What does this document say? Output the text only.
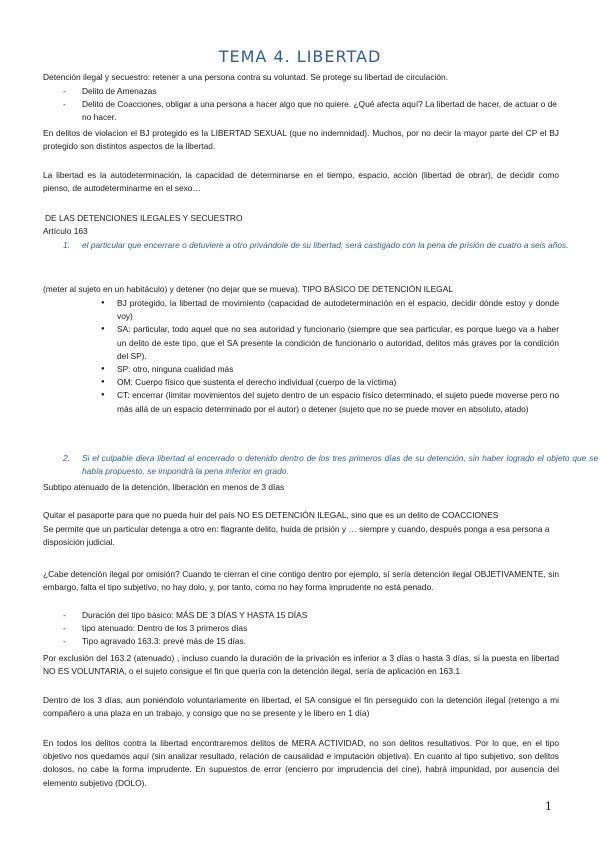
TEMA 4. LIBERTAD

Detención ilegal y secuestro: retener a una persona contra su voluntad. Se protege su libertad de circulación.

- Delito de Amenazas

- Delito de Coacciones, obligar a una persona a hacer algo que no quiere. ¿Qué afecta aquí? La libertad de hacer, de actuar o de no hacer.

En delitos de violacion el BJ protegido es la LIBERTAD SEXUAL (que no indemnidad). Muchos, por no decir la mayor parte del CP el BJ protegido son distintos aspectos de la libertad.

La libertad es la autodeterminación, la capacidad de determinarse en el tiempo, espacio, acción (libertad de obrar), de decidir como pienso, de autodeterminarme en el sexo…

DE LAS DETENCIONES ILEGALES Y SECUESTRO

Artículo 163

1. el particular que encerrare o detuviere a otro privándole de su libertad, será castigado con la pena de prisión de cuatro a seis años.

(meter al sujeto en un habitáculo) y detener (no dejar que se mueva). TIPO BÁSICO DE DETENCIÓN ILEGAL

● BJ protegido, la libertad de movimiento (capacidad de autodeterminación en el espacio, decidir dónde estoy y donde voy)

● SA: particular, todo aquel que no sea autoridad y funcionario (siempre que sea particular, es porque luego va a haber un delito de este tipo, que el SA presente la condición de funcionario o autoridad, delitos más graves por la condición del SP).

● SP: otro, ninguna cualidad más

● OM: Cuerpo físico que sustenta el derecho individual (cuerpo de la víctima)

● CT: encerrar (limitar movimientos del sujeto dentro de un espacio físico determinado, el sujeto puede moverse pero no más allá de un espacio determinado por el autor) o detener (sujeto que no se puede mover en absoluto, atado)

2. Si el culpable diera libertad al encerrado o detenido dentro de los tres primeros días de su detención, sin haber logrado el objeto que se había propuesto, se impondrá la pena inferior en grado.

Subtipo atenuado de la detención, liberación en menos de 3 días

Quitar el pasaporte para que no pueda huir del país NO ES DETENCIÓN ILEGAL, sino que es un delito de COACCIONES

Se permite que un particular detenga a otro en: flagrante delito, huida de prisión y … siempre y cuando, después ponga a esa persona a disposición judicial.

¿Cabe detención ilegal por omisión? Cuando te cierran el cine contigo dentro por ejemplo, sí sería detención ilegal OBJETIVAMENTE, sin embargo, falta el tipo subjetivo, no hay dolo, y, por tanto, como no hay forma imprudente no está penado.

- Duración del tipo básico: MÁS DE 3 DÍAS Y HASTA 15 DÍAS

- tipo atenuado: Dentro de los 3 primeros días

- Tipo agravado 163.3: prevé más de 15 días.

Por exclusión del 163.2 (atenuado) , incluso cuando la duración de la privación es inferior a 3 días o hasta 3 días, si la puesta en libertad NO ES VOLUNTARIA, o el sujeto consigue el fin que quería con la detención ilegal, sería de aplicación en 163.1

Dentro de los 3 días, aun poniéndolo voluntariamente en libertad, el SA consigue el fin perseguido con la detención ilegal (retengo a mi compañero a una plaza en un trabajo, y consigo que no se presente y le libero en 1 día)

En todos los delitos contra la libertad encontraremos delitos de MERA ACTIVIDAD, no son delitos resultativos. Por lo que, en el tipo objetivo nos quedamos aquí (sin analizar resultado, relación de causalidad e imputación objetiva). En cuanto al tipo subjetivo, son delitos dolosos, no cabe la forma imprudente. En supuestos de error (encierro por imprudencia del cine), habrá impunidad, por ausencia del elemento subjetivo (DOLO).

1
